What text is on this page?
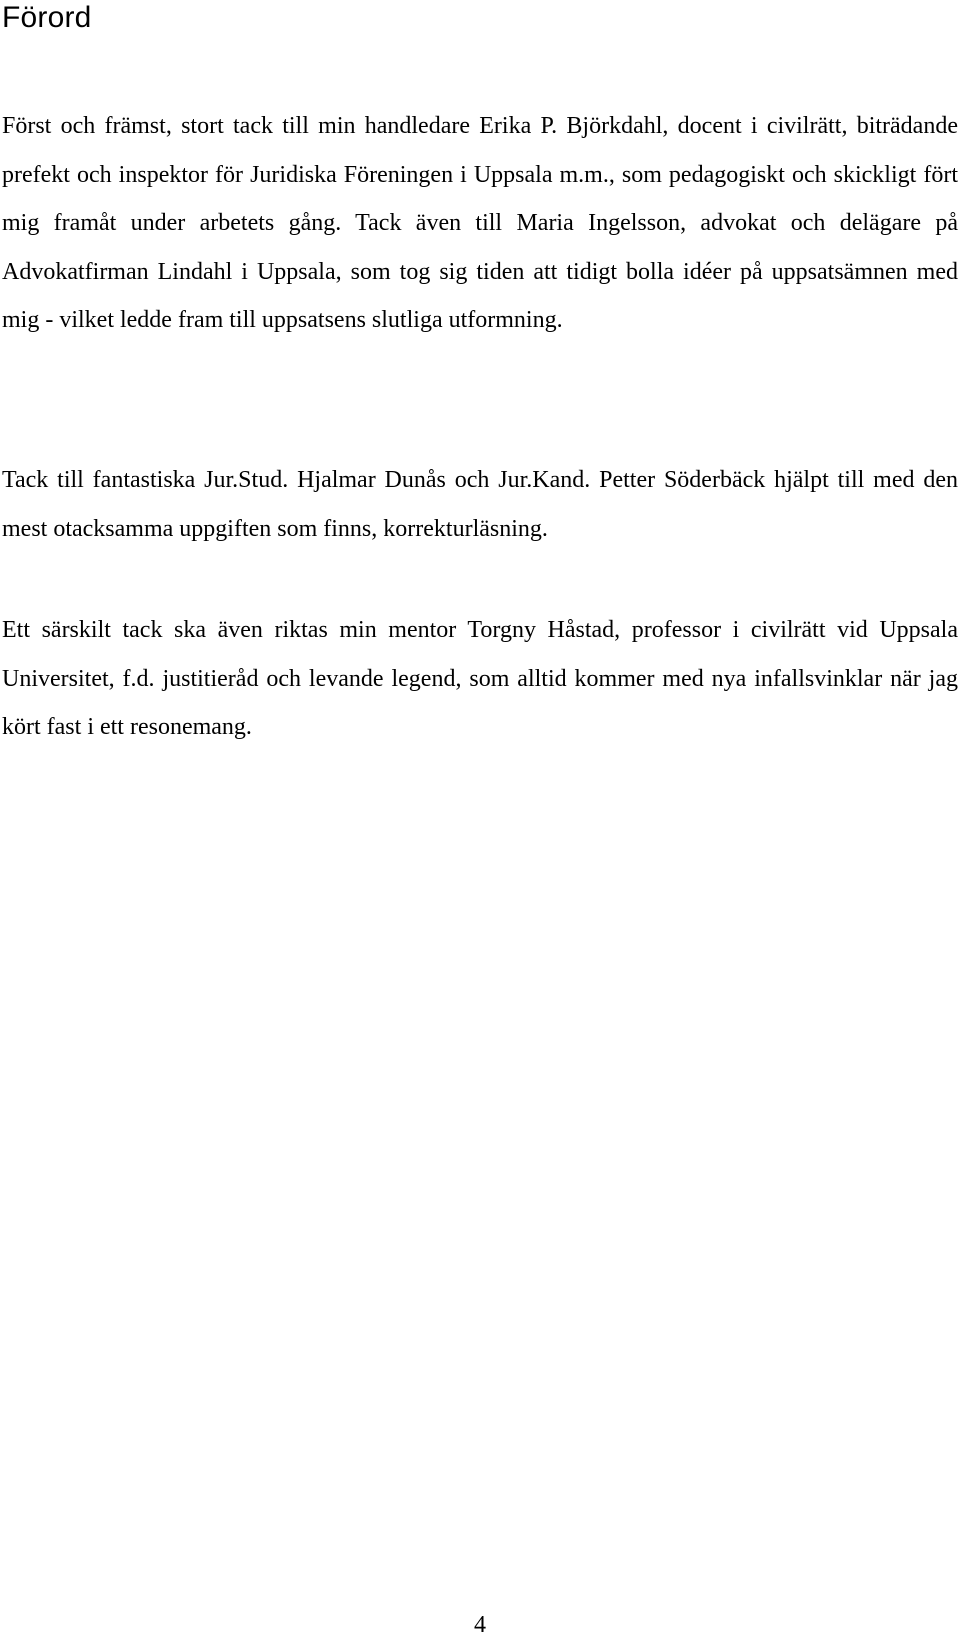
Förord

Först och främst, stort tack till min handledare Erika P. Björkdahl, docent i civilrätt, biträdande prefekt och inspektor för Juridiska Föreningen i Uppsala m.m., som pedagogiskt och skickligt fört mig framåt under arbetets gång. Tack även till Maria Ingelsson, advokat och delägare på Advokatfirman Lindahl i Uppsala, som tog sig tiden att tidigt bolla idéer på uppsatsämnen med mig - vilket ledde fram till uppsatsens slutliga utformning.

Tack till fantastiska Jur.Stud. Hjalmar Dunås och Jur.Kand. Petter Söderbäck hjälpt till med den mest otacksamma uppgiften som finns, korrekturläsning.

Ett särskilt tack ska även riktas min mentor Torgny Håstad, professor i civilrätt vid Uppsala Universitet, f.d. justitieråd och levande legend, som alltid kommer med nya infallsvinklar när jag kört fast i ett resonemang.

4
